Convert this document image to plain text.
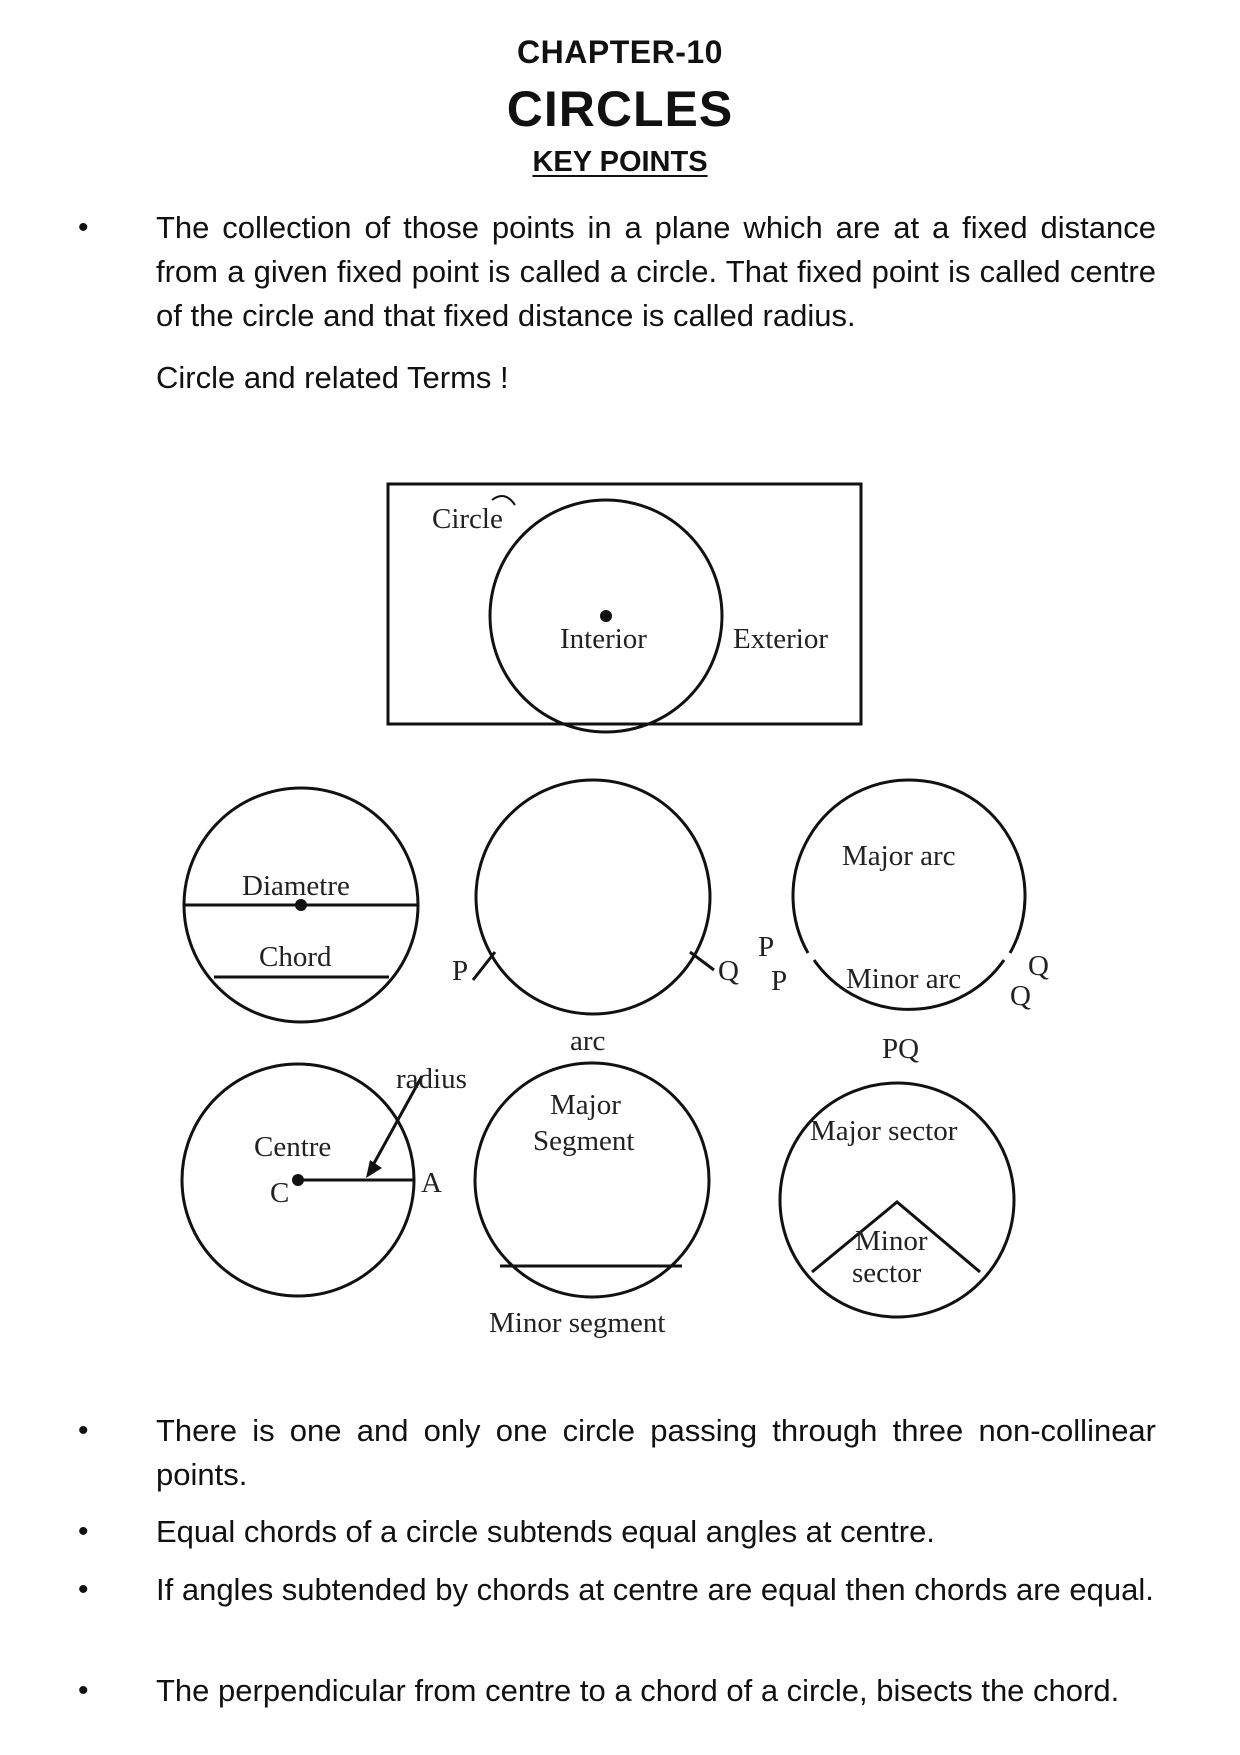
CHAPTER-10
CIRCLES
KEY POINTS
• The collection of those points in a plane which are at a fixed distance from a given fixed point is called a circle. That fixed point is called centre of the circle and that fixed distance is called radius.
Circle and related Terms !
Circle
Interior	Exterior
Diametre
Chord	P	Q
arc
Major arc
Minor arc
P
P	Q
Q
PQ
radius
Centre
C	A
Major
Segment
Minor segment
Major sector
Minor
sector
• There is one and only one circle passing through three non-collinear points.
• Equal chords of a circle subtends equal angles at centre.
• If angles subtended by chords at centre are equal then chords are equal.
• The perpendicular from centre to a chord of a circle, bisects the chord.
